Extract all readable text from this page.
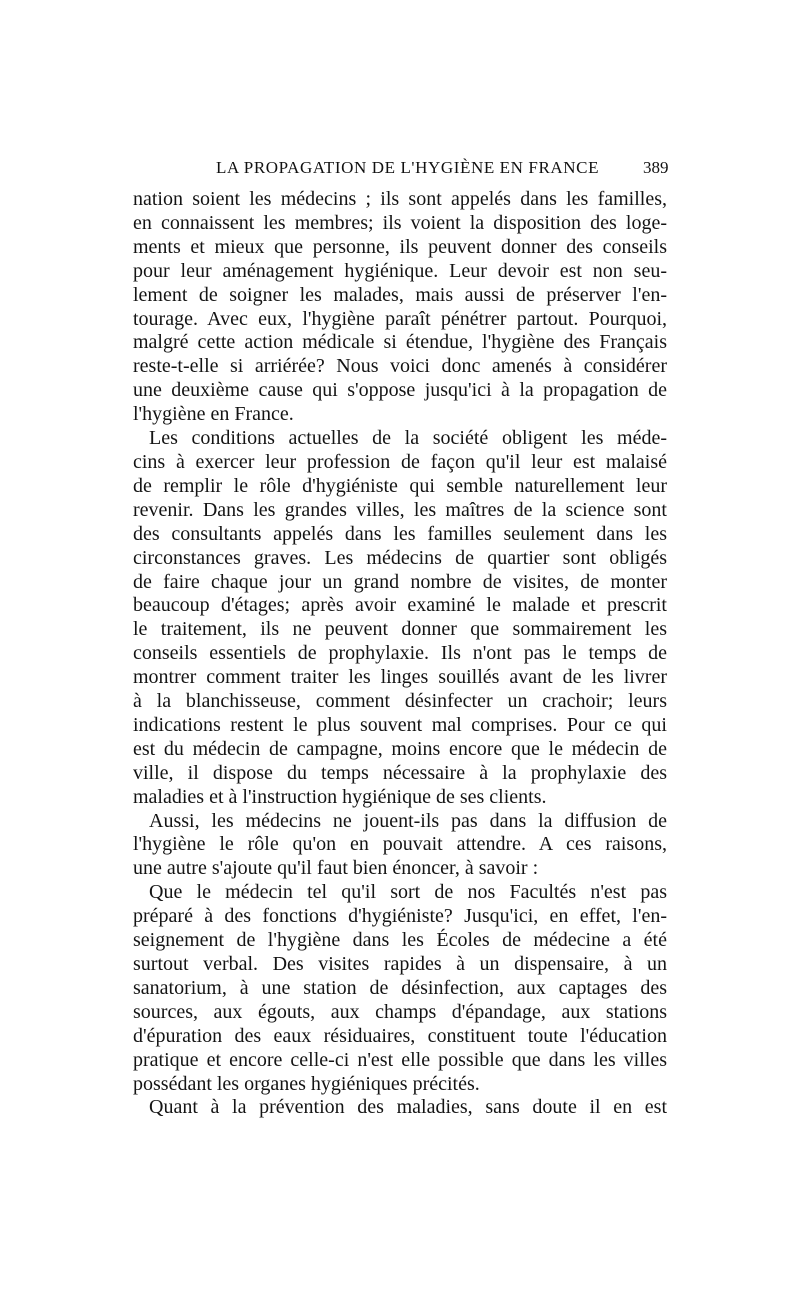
LA PROPAGATION DE L'HYGIÈNE EN FRANCE	389
nation soient les médecins ; ils sont appelés dans les familles,
en connaissent les membres; ils voient la disposition des loge-
ments et mieux que personne, ils peuvent donner des conseils
pour leur aménagement hygiénique. Leur devoir est non seu-
lement de soigner les malades, mais aussi de préserver l'en-
tourage. Avec eux, l'hygiène paraît pénétrer partout. Pourquoi,
malgré cette action médicale si étendue, l'hygiène des Français
reste-t-elle si arriérée? Nous voici donc amenés à considérer
une deuxième cause qui s'oppose jusqu'ici à la propagation de
l'hygiène en France.
Les conditions actuelles de la société obligent les méde-
cins à exercer leur profession de façon qu'il leur est malaisé
de remplir le rôle d'hygiéniste qui semble naturellement leur
revenir. Dans les grandes villes, les maîtres de la science sont
des consultants appelés dans les familles seulement dans les
circonstances graves. Les médecins de quartier sont obligés
de faire chaque jour un grand nombre de visites, de monter
beaucoup d'étages; après avoir examiné le malade et prescrit
le traitement, ils ne peuvent donner que sommairement les
conseils essentiels de prophylaxie. Ils n'ont pas le temps de
montrer comment traiter les linges souillés avant de les livrer
à la blanchisseuse, comment désinfecter un crachoir; leurs
indications restent le plus souvent mal comprises. Pour ce qui
est du médecin de campagne, moins encore que le médecin de
ville, il dispose du temps nécessaire à la prophylaxie des
maladies et à l'instruction hygiénique de ses clients.
Aussi, les médecins ne jouent-ils pas dans la diffusion de
l'hygiène le rôle qu'on en pouvait attendre. A ces raisons,
une autre s'ajoute qu'il faut bien énoncer, à savoir :
Que le médecin tel qu'il sort de nos Facultés n'est pas
préparé à des fonctions d'hygiéniste? Jusqu'ici, en effet, l'en-
seignement de l'hygiène dans les Écoles de médecine a été
surtout verbal. Des visites rapides à un dispensaire, à un
sanatorium, à une station de désinfection, aux captages des
sources, aux égouts, aux champs d'épandage, aux stations
d'épuration des eaux résiduaires, constituent toute l'éducation
pratique et encore celle-ci n'est elle possible que dans les villes
possédant les organes hygiéniques précités.
Quant à la prévention des maladies, sans doute il en est
